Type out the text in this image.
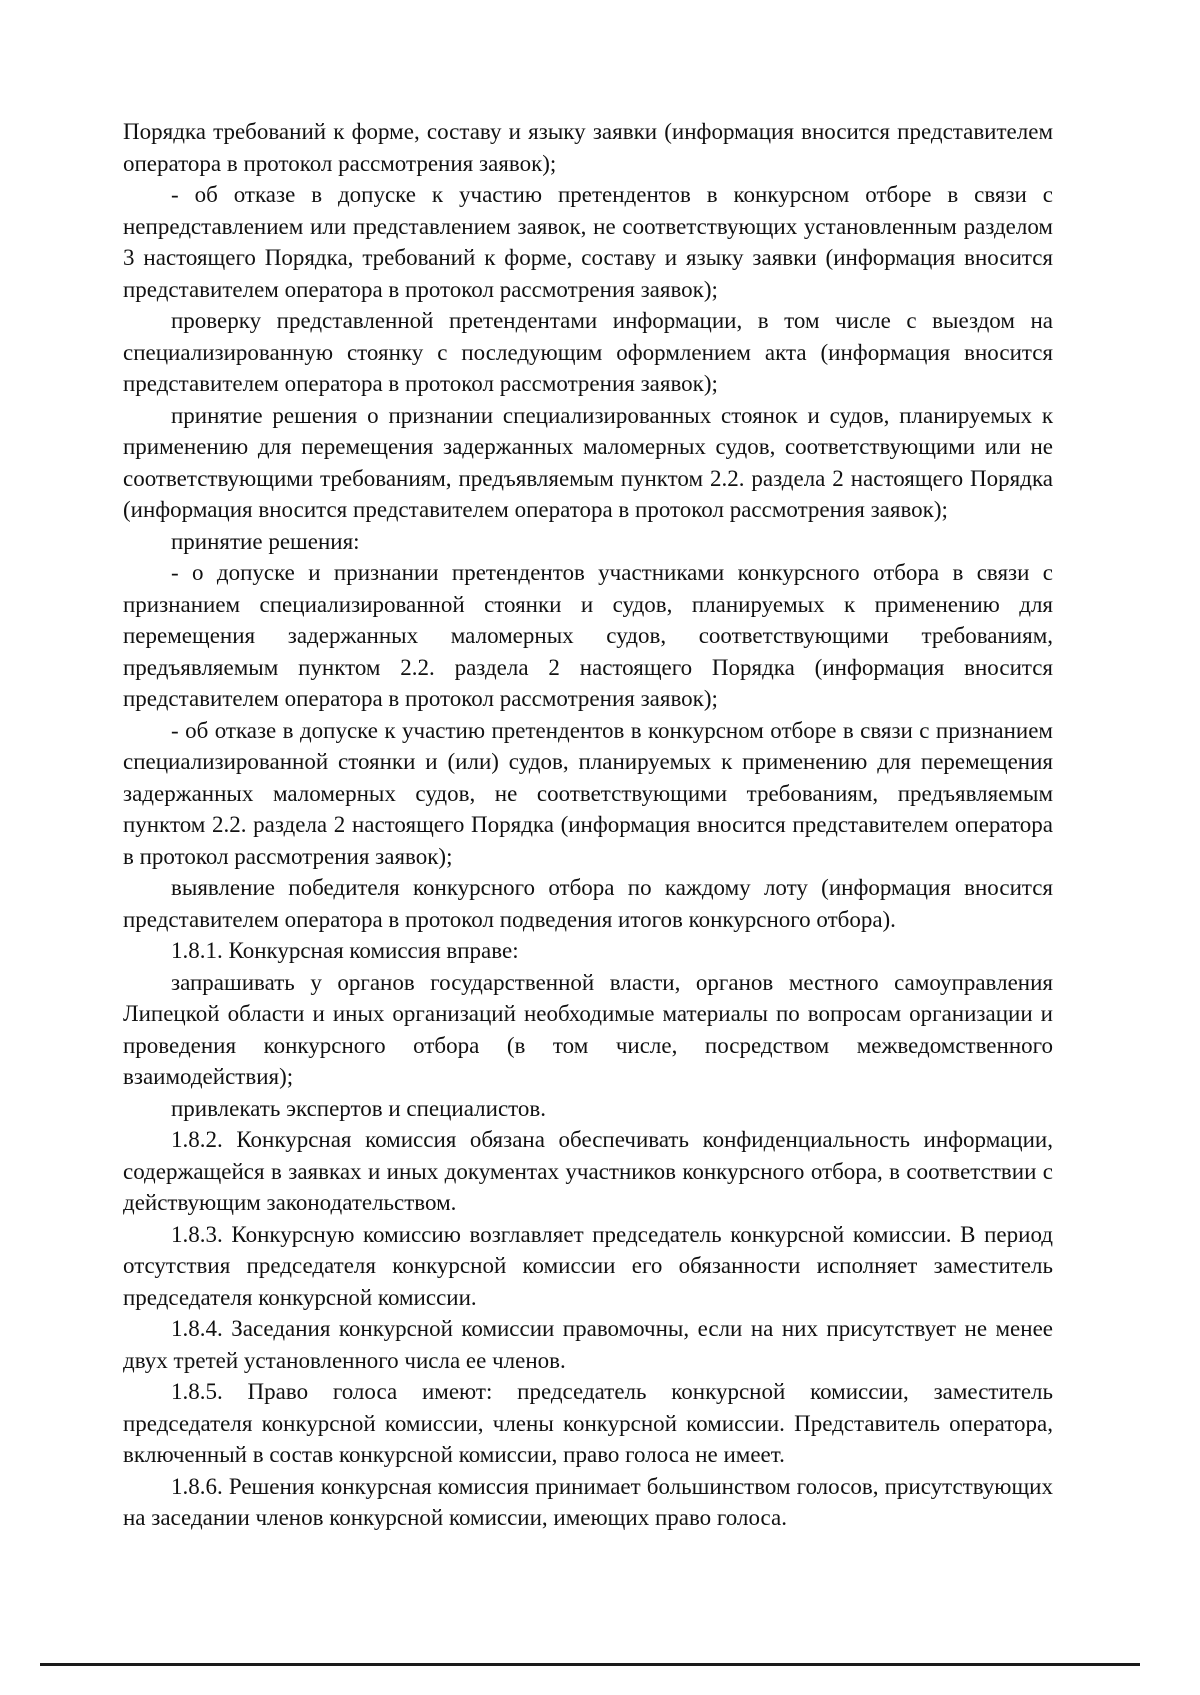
Порядка требований к форме, составу и языку заявки (информация вносится представителем оператора в протокол рассмотрения заявок);

- об отказе в допуске к участию претендентов в конкурсном отборе в связи с непредставлением или представлением заявок, не соответствующих установленным разделом 3 настоящего Порядка, требований к форме, составу и языку заявки (информация вносится представителем оператора в протокол рассмотрения заявок);

проверку представленной претендентами информации, в том числе с выездом на специализированную стоянку с последующим оформлением акта (информация вносится представителем оператора в протокол рассмотрения заявок);

принятие решения о признании специализированных стоянок и судов, планируемых к применению для перемещения задержанных маломерных судов, соответствующими или не соответствующими требованиям, предъявляемым пунктом 2.2. раздела 2 настоящего Порядка (информация вносится представителем оператора в протокол рассмотрения заявок);

принятие решения:

- о допуске и признании претендентов участниками конкурсного отбора в связи с признанием специализированной стоянки и судов, планируемых к применению для перемещения задержанных маломерных судов, соответствующими требованиям, предъявляемым пунктом 2.2. раздела 2 настоящего Порядка (информация вносится представителем оператора в протокол рассмотрения заявок);

- об отказе в допуске к участию претендентов в конкурсном отборе в связи с признанием специализированной стоянки и (или) судов, планируемых к применению для перемещения задержанных маломерных судов, не соответствующими требованиям, предъявляемым пунктом 2.2. раздела 2 настоящего Порядка (информация вносится представителем оператора в протокол рассмотрения заявок);

выявление победителя конкурсного отбора по каждому лоту (информация вносится представителем оператора в протокол подведения итогов конкурсного отбора).

1.8.1. Конкурсная комиссия вправе:

запрашивать у органов государственной власти, органов местного самоуправления Липецкой области и иных организаций необходимые материалы по вопросам организации и проведения конкурсного отбора (в том числе, посредством межведомственного взаимодействия);

привлекать экспертов и специалистов.

1.8.2. Конкурсная комиссия обязана обеспечивать конфиденциальность информации, содержащейся в заявках и иных документах участников конкурсного отбора, в соответствии с действующим законодательством.

1.8.3. Конкурсную комиссию возглавляет председатель конкурсной комиссии. В период отсутствия председателя конкурсной комиссии его обязанности исполняет заместитель председателя конкурсной комиссии.

1.8.4. Заседания конкурсной комиссии правомочны, если на них присутствует не менее двух третей установленного числа ее членов.

1.8.5. Право голоса имеют: председатель конкурсной комиссии, заместитель председателя конкурсной комиссии, члены конкурсной комиссии. Представитель оператора, включенный в состав конкурсной комиссии, право голоса не имеет.

1.8.6. Решения конкурсная комиссия принимает большинством голосов, присутствующих на заседании членов конкурсной комиссии, имеющих право голоса.
